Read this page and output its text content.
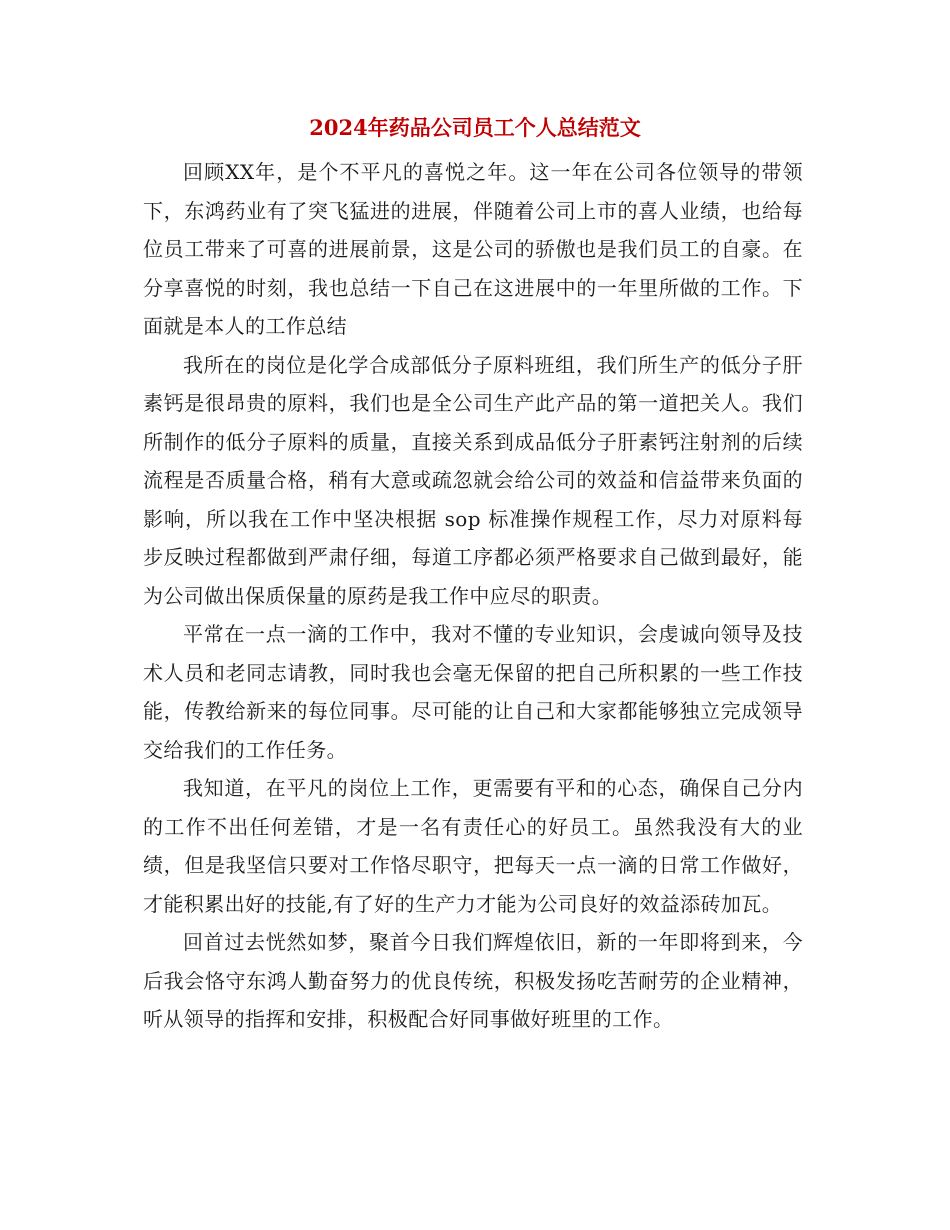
2024年药品公司员工个人总结范文

回顾XX年，是个不平凡的喜悦之年。这一年在公司各位领导的带领下，东鸿药业有了突飞猛进的进展，伴随着公司上市的喜人业绩，也给每位员工带来了可喜的进展前景，这是公司的骄傲也是我们员工的自豪。在分享喜悦的时刻，我也总结一下自己在这进展中的一年里所做的工作。下面就是本人的工作总结

我所在的岗位是化学合成部低分子原料班组，我们所生产的低分子肝素钙是很昂贵的原料，我们也是全公司生产此产品的第一道把关人。我们所制作的低分子原料的质量，直接关系到成品低分子肝素钙注射剂的后续流程是否质量合格，稍有大意或疏忽就会给公司的效益和信益带来负面的影响，所以我在工作中坚决根据 sop 标准操作规程工作，尽力对原料每步反映过程都做到严肃仔细，每道工序都必须严格要求自己做到最好，能为公司做出保质保量的原药是我工作中应尽的职责。

平常在一点一滴的工作中，我对不懂的专业知识，会虔诚向领导及技术人员和老同志请教，同时我也会毫无保留的把自己所积累的一些工作技能，传教给新来的每位同事。尽可能的让自己和大家都能够独立完成领导交给我们的工作任务。

我知道，在平凡的岗位上工作，更需要有平和的心态，确保自己分内的工作不出任何差错，才是一名有责任心的好员工。虽然我没有大的业绩，但是我坚信只要对工作恪尽职守，把每天一点一滴的日常工作做好，才能积累出好的技能,有了好的生产力才能为公司良好的效益添砖加瓦。

回首过去恍然如梦，聚首今日我们辉煌依旧，新的一年即将到来，今后我会恪守东鸿人勤奋努力的优良传统，积极发扬吃苦耐劳的企业精神，听从领导的指挥和安排，积极配合好同事做好班里的工作。
